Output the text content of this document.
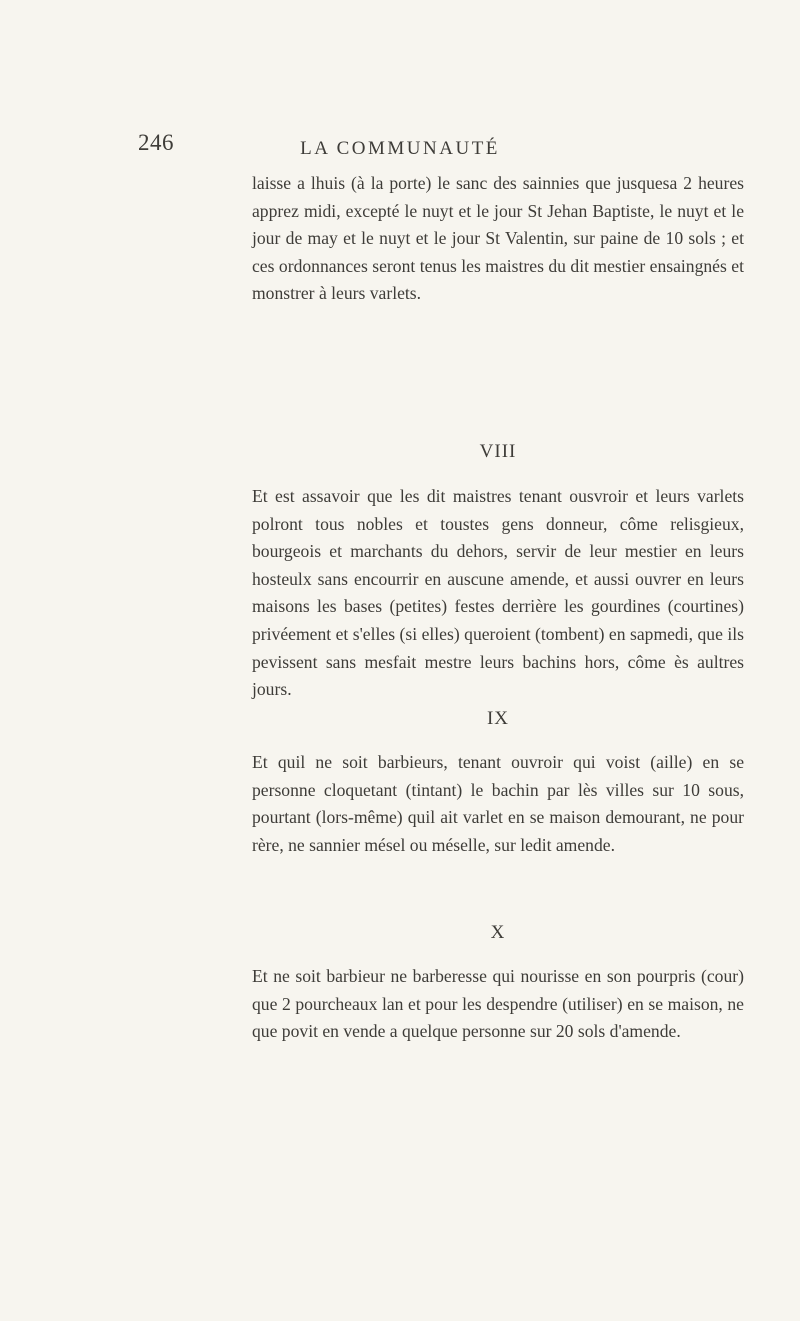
246	LA COMMUNAUTÉ

laisse a lhuis (à la porte) le sanc des sainnies que jusquesa 2 heures apprez midi, excepté le nuyt et le jour St Jehan Baptiste, le nuyt et le jour de may et le nuyt et le jour St Valentin, sur paine de 10 sols ; et ces ordonnances seront tenus les maistres du dit mestier ensaingnés et monstrer à leurs varlets.

VIII

Et est assavoir que les dit maistres tenant ousvroir et leurs varlets polront tous nobles et toustes gens donneur, côme relisgieux, bourgeois et marchants du dehors, servir de leur mestier en leurs hosteulx sans encourrir en auscune amende, et aussi ouvrer en leurs maisons les bases (petites) festes derrière les gourdines (courtines) privéement et s'elles (si elles) queroient (tombent) en sapmedi, que ils pevissent sans mesfait mestre leurs bachins hors, côme ès aultres jours.

IX

Et quil ne soit barbieurs, tenant ouvroir qui voist (aille) en se personne cloquetant (tintant) le bachin par lès villes sur 10 sous, pourtant (lors-même) quil ait varlet en se maison demourant, ne pour rère, ne sannier mésel ou méselle, sur ledit amende.

X

Et ne soit barbieur ne barberesse qui nourisse en son pourpris (cour) que 2 pourcheaux lan et pour les despendre (utiliser) en se maison, ne que povit en vende a quelque personne sur 20 sols d'amende.
